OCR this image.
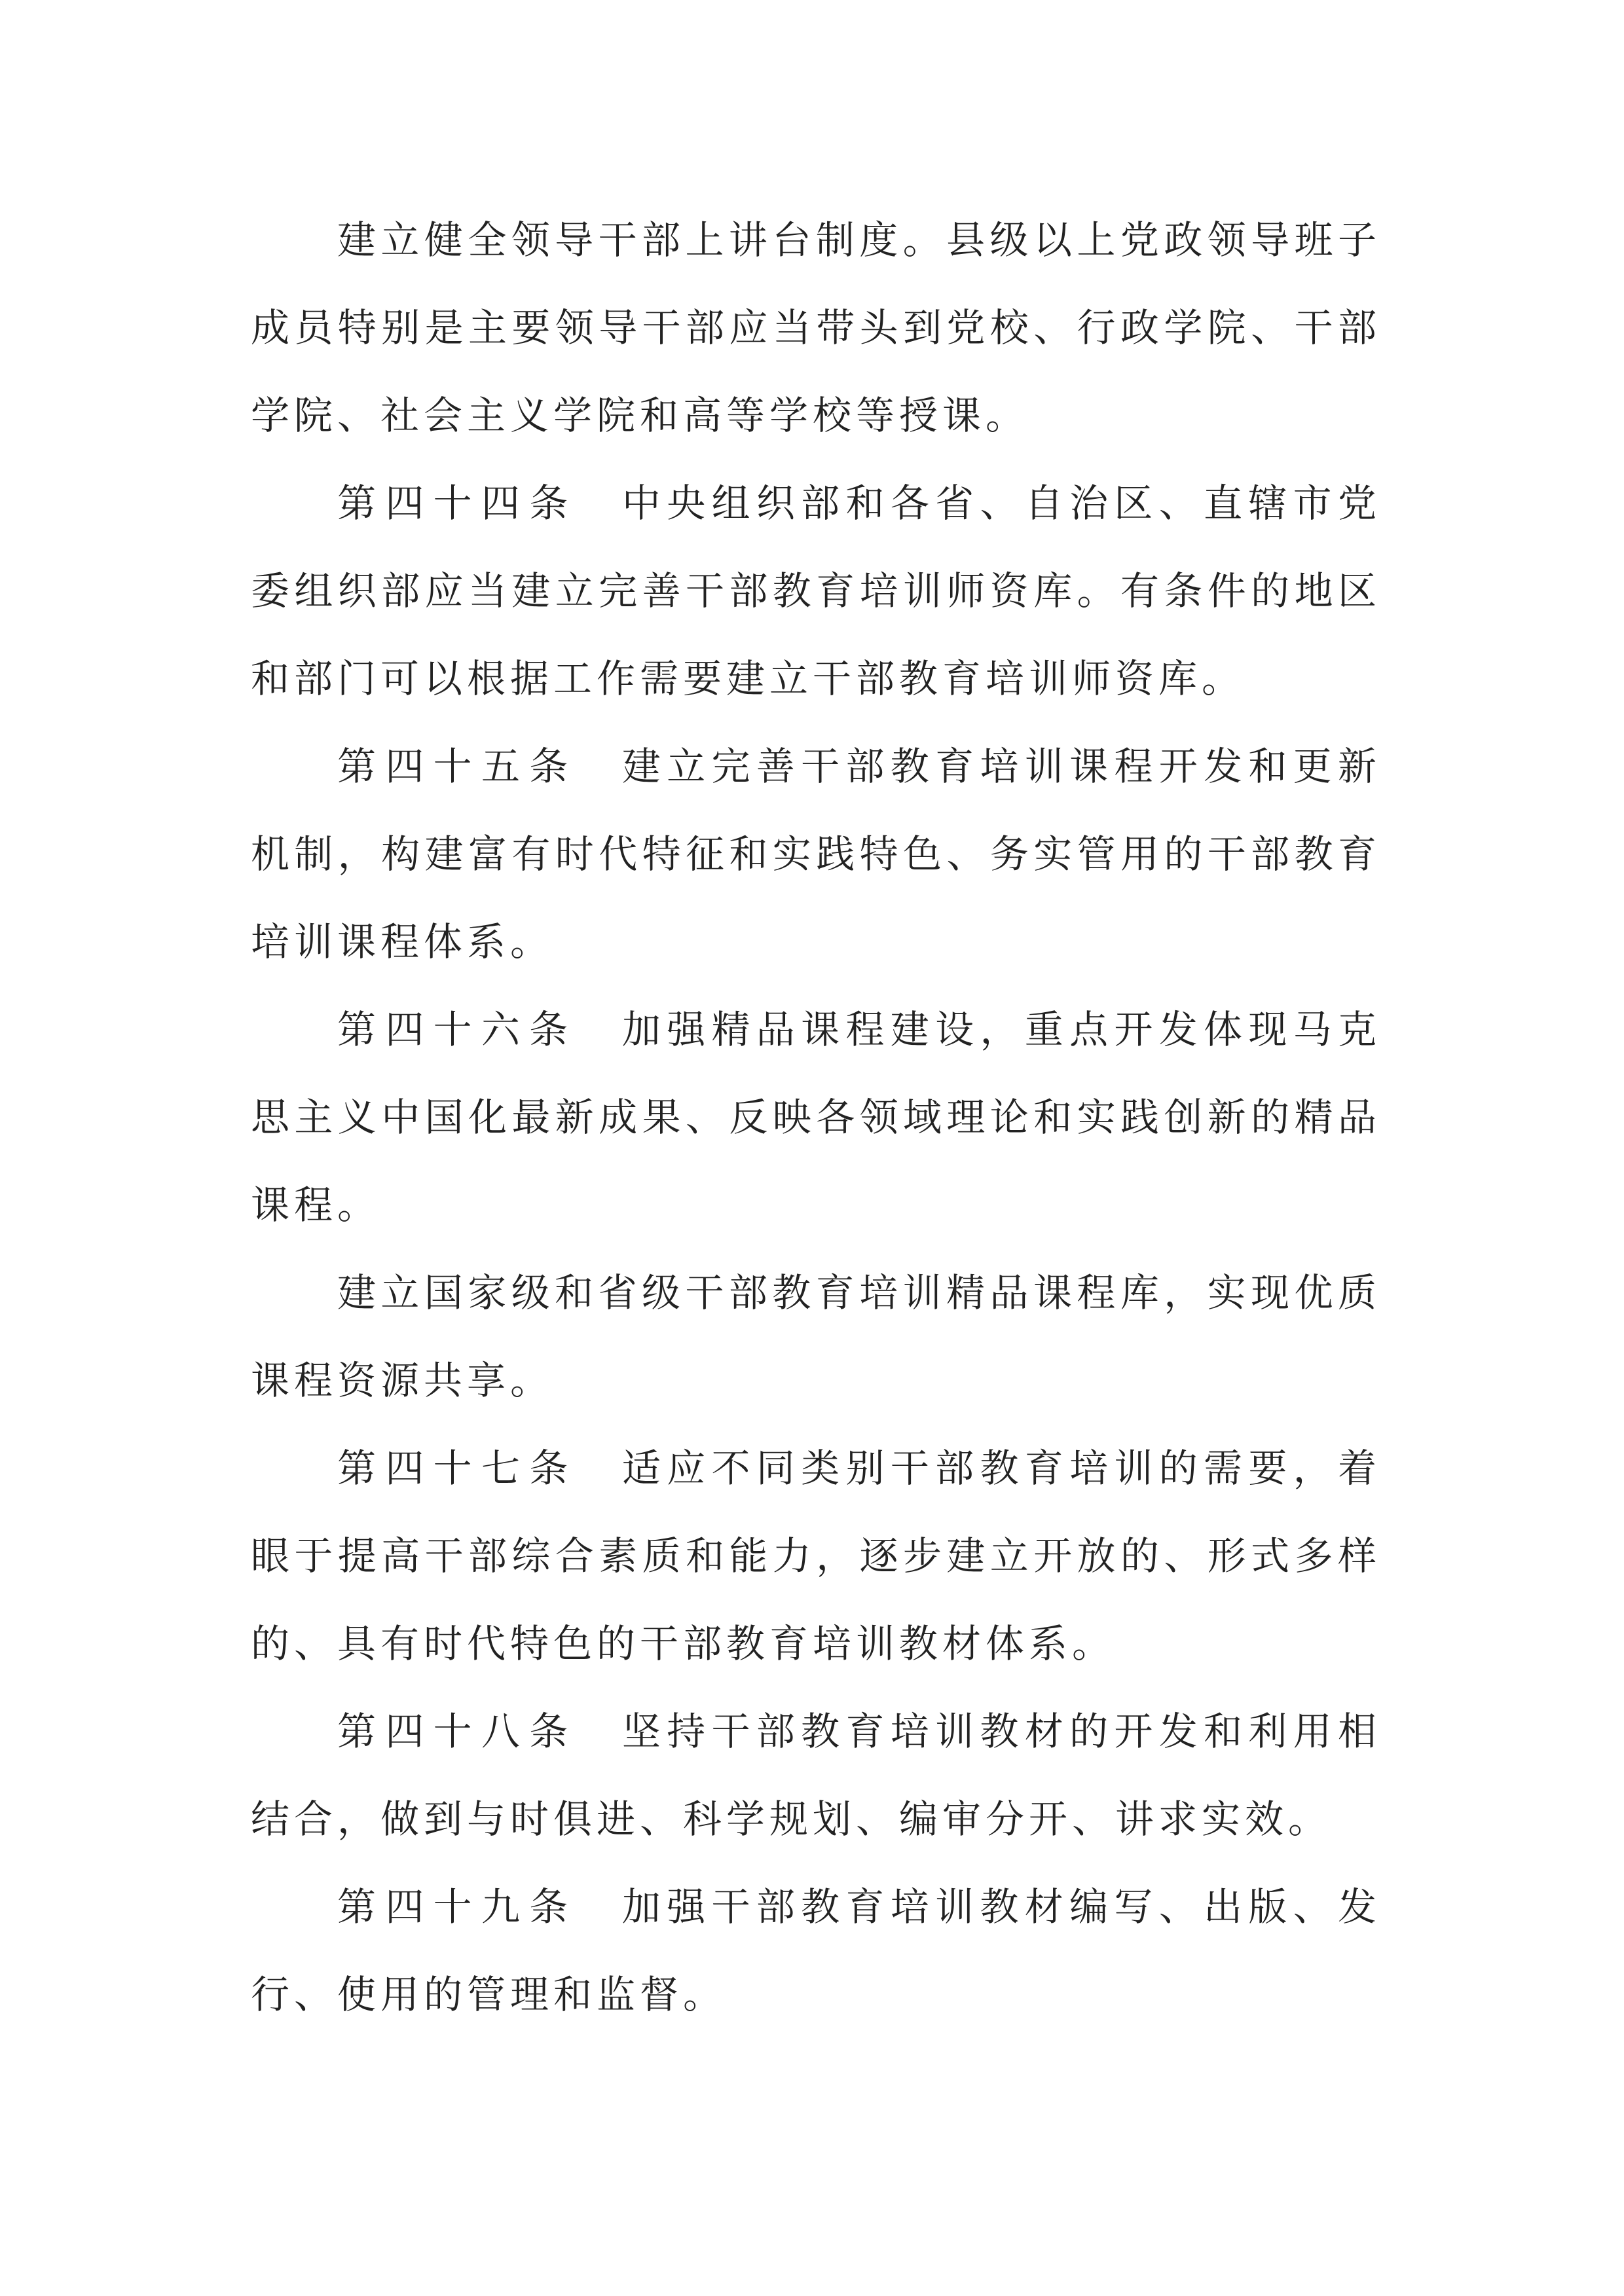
建立健全领导干部上讲台制度。县级以上党政领导班子成员特别是主要领导干部应当带头到党校、行政学院、干部学院、社会主义学院和高等学校等授课。

第四十四条 中央组织部和各省、自治区、直辖市党委组织部应当建立完善干部教育培训师资库。有条件的地区和部门可以根据工作需要建立干部教育培训师资库。

第四十五条 建立完善干部教育培训课程开发和更新机制，构建富有时代特征和实践特色、务实管用的干部教育培训课程体系。

第四十六条 加强精品课程建设，重点开发体现马克思主义中国化最新成果、反映各领域理论和实践创新的精品课程。

建立国家级和省级干部教育培训精品课程库，实现优质课程资源共享。

第四十七条 适应不同类别干部教育培训的需要，着眼于提高干部综合素质和能力，逐步建立开放的、形式多样的、具有时代特色的干部教育培训教材体系。

第四十八条 坚持干部教育培训教材的开发和利用相结合，做到与时俱进、科学规划、编审分开、讲求实效。

第四十九条 加强干部教育培训教材编写、出版、发行、使用的管理和监督。
